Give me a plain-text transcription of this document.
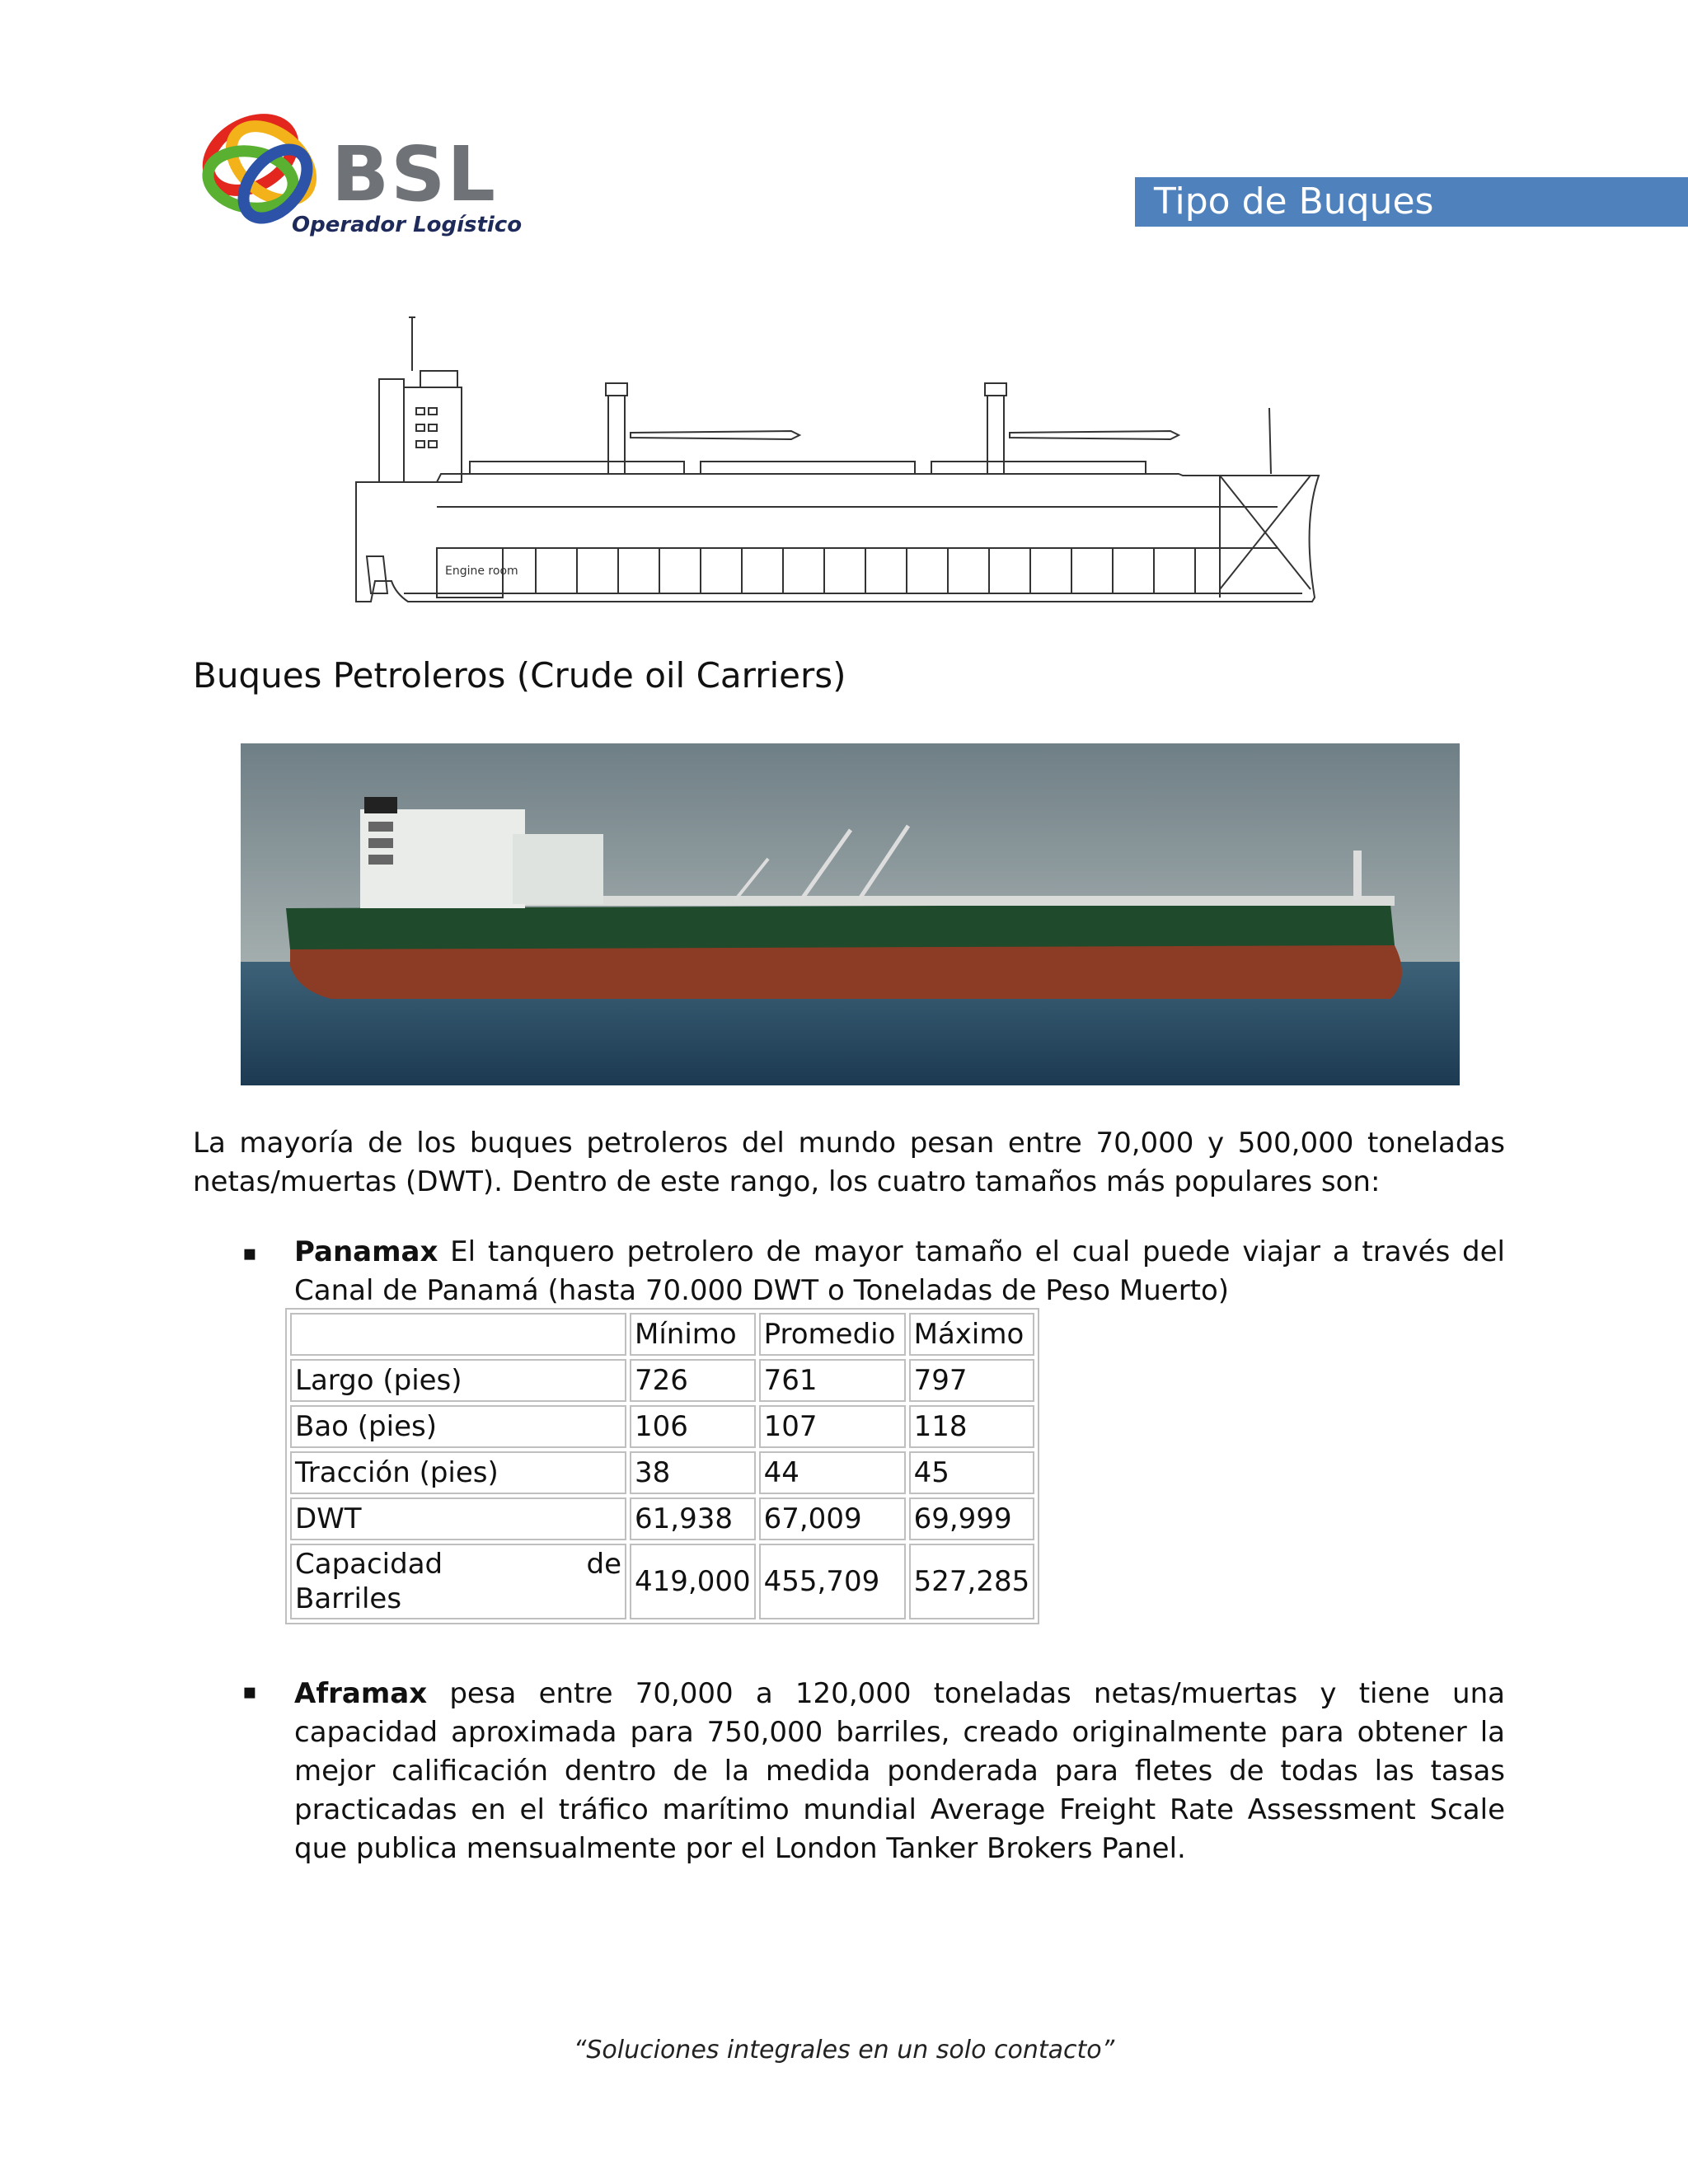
BSL
Operador Logístico
Tipo de Buques
Engine room
Buques Petroleros (Crude oil Carriers)
La mayoría de los buques petroleros del mundo pesan entre 70,000 y 500,000 toneladas netas/muertas (DWT). Dentro de este rango, los cuatro tamaños más populares son:
▪ Panamax El tanquero petrolero de mayor tamaño el cual puede viajar a través del Canal de Panamá (hasta 70.000 DWT o Toneladas de Peso Muerto)
	Mínimo	Promedio	Máximo
Largo (pies)	726	761	797
Bao (pies)	106	107	118
Tracción (pies)	38	44	45
DWT	61,938	67,009	69,999

Capacidad de
Barriles	419,000	455,709	527,285
▪ Aframax pesa entre 70,000 a 120,000 toneladas netas/muertas y tiene una capacidad aproximada para 750,000 barriles, creado originalmente para obtener la mejor calificación dentro de la medida ponderada para fletes de todas las tasas practicadas en el tráfico marítimo mundial Average Freight Rate Assessment Scale que publica mensualmente por el London Tanker Brokers Panel.
“Soluciones integrales en un solo contacto”
